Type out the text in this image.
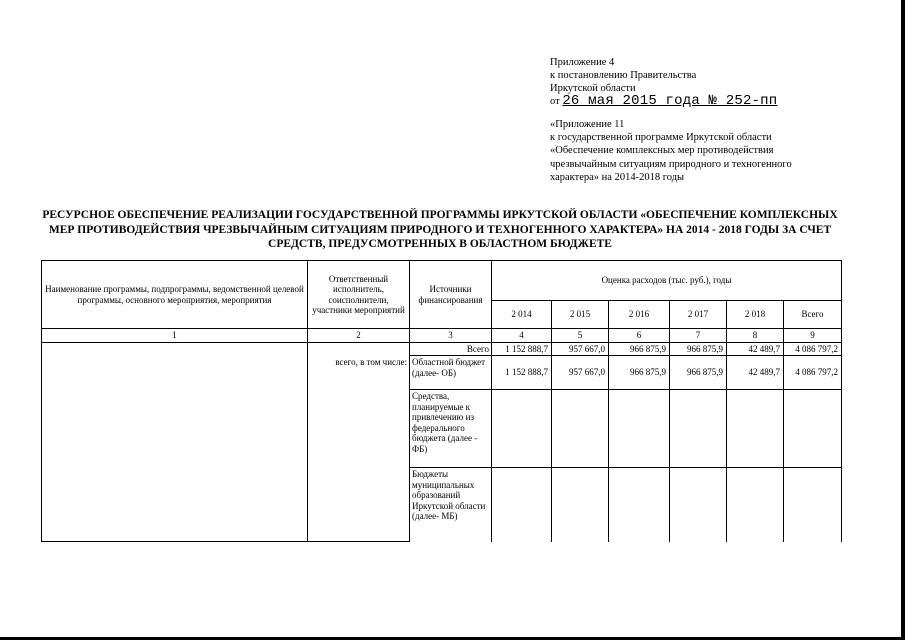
Приложение 4
к постановлению Правительства
Иркутской области
от 26 мая 2015 года № 252-пп
«Приложение 11
к государственной программе Иркутской области
«Обеспечение комплексных мер противодействия
чрезвычайным ситуациям природного и техногенного
характера» на 2014-2018 годы
РЕСУРСНОЕ ОБЕСПЕЧЕНИЕ РЕАЛИЗАЦИИ ГОСУДАРСТВЕННОЙ ПРОГРАММЫ ИРКУТСКОЙ ОБЛАСТИ «ОБЕСПЕЧЕНИЕ КОМПЛЕКСНЫХ
МЕР ПРОТИВОДЕЙСТВИЯ ЧРЕЗВЫЧАЙНЫМ СИТУАЦИЯМ ПРИРОДНОГО И ТЕХНОГЕННОГО ХАРАКТЕРА» НА 2014 - 2018 ГОДЫ ЗА СЧЕТ
СРЕДСТВ, ПРЕДУСМОТРЕННЫХ В ОБЛАСТНОМ БЮДЖЕТЕ
Наименование программы, подпрограммы, ведомственной целевой программы, основного мероприятия, мероприятия	Ответственный исполнитель, соисполнители, участники мероприятий	Источники финансирования	Оценка расходов (тыс. руб.), годы					
			2 014	2 015	2 016	2 017	2 018	Всего
1	2	3	4	5	6	7	8	9
	всего, в том числе:	Всего	1 152 888,7	957 667,0	966 875,9	966 875,9	42 489,7	4 086 797,2
		Областной бюджет (далее- ОБ)	1 152 888,7	957 667,0	966 875,9	966 875,9	42 489,7	4 086 797,2
		Средства, планируемые к привлечению из федерального бюджета (далее - ФБ)						
		Бюджеты муниципальных образований Иркутской области (далее- МБ)						
